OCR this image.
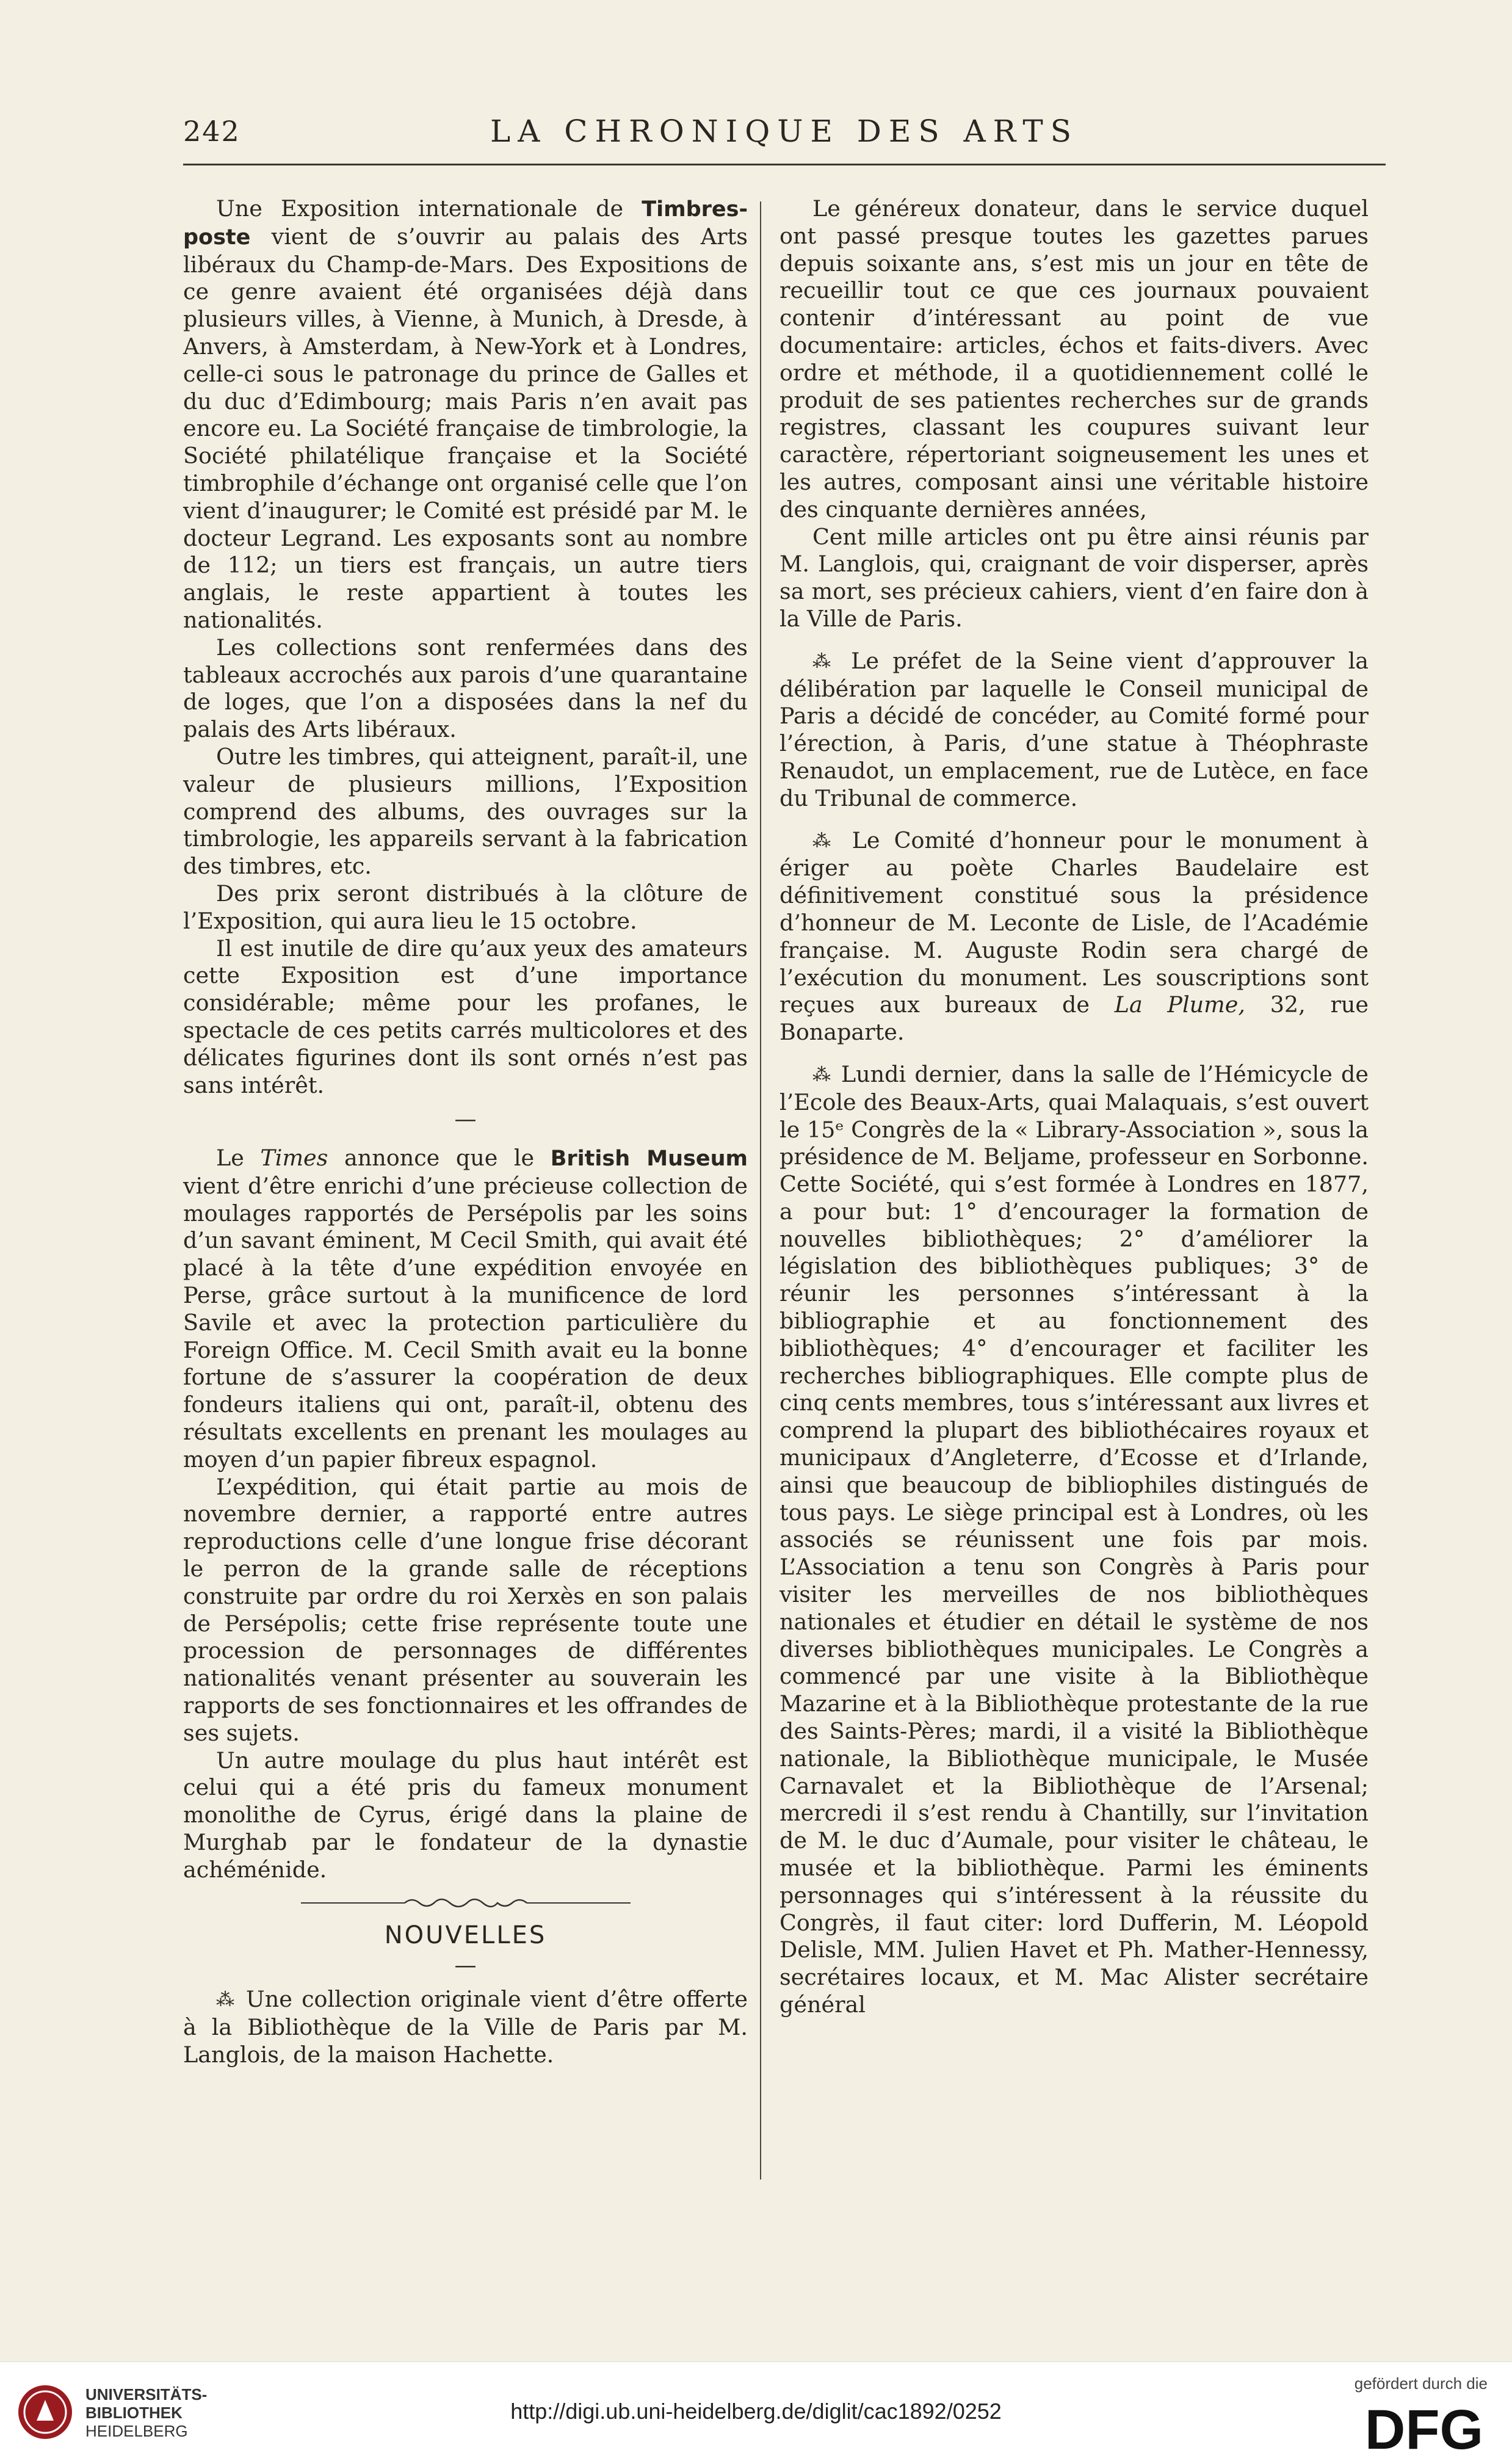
242	LA CHRONIQUE DES ARTS

Une Exposition internationale de Timbres-poste vient de s’ouvrir au palais des Arts libéraux du Champ-de-Mars. Des Expositions de ce genre avaient été organisées déjà dans plusieurs villes, à Vienne, à Munich, à Dresde, à Anvers, à Amsterdam, à New-York et à Londres, celle-ci sous le patronage du prince de Galles et du duc d’Edimbourg; mais Paris n’en avait pas encore eu. La Société française de timbrologie, la Société philatélique française et la Société timbrophile d’échange ont organisé celle que l’on vient d’inaugurer; le Comité est présidé par M. le docteur Legrand. Les exposants sont au nombre de 112; un tiers est français, un autre tiers anglais, le reste appartient à toutes les nationalités.

Les collections sont renfermées dans des tableaux accrochés aux parois d’une quarantaine de loges, que l’on a disposées dans la nef du palais des Arts libéraux.

Outre les timbres, qui atteignent, paraît-il, une valeur de plusieurs millions, l’Exposition comprend des albums, des ouvrages sur la timbrologie, les appareils servant à la fabrication des timbres, etc.

Des prix seront distribués à la clôture de l’Exposition, qui aura lieu le 15 octobre.

Il est inutile de dire qu’aux yeux des amateurs cette Exposition est d’une importance considérable; même pour les profanes, le spectacle de ces petits carrés multicolores et des délicates figurines dont ils sont ornés n’est pas sans intérêt.

—

Le Times annonce que le British Museum vient d’être enrichi d’une précieuse collection de moulages rapportés de Persépolis par les soins d’un savant éminent, M Cecil Smith, qui avait été placé à la tête d’une expédition envoyée en Perse, grâce surtout à la munificence de lord Savile et avec la protection particulière du Foreign Office. M. Cecil Smith avait eu la bonne fortune de s’assurer la coopération de deux fondeurs italiens qui ont, paraît-il, obtenu des résultats excellents en prenant les moulages au moyen d’un papier fibreux espagnol.

L’expédition, qui était partie au mois de novembre dernier, a rapporté entre autres reproductions celle d’une longue frise décorant le perron de la grande salle de réceptions construite par ordre du roi Xerxès en son palais de Persépolis; cette frise représente toute une procession de personnages de différentes nationalités venant présenter au souverain les rapports de ses fonctionnaires et les offrandes de ses sujets.

Un autre moulage du plus haut intérêt est celui qui a été pris du fameux monument monolithe de Cyrus, érigé dans la plaine de Murghab par le fondateur de la dynastie achéménide.

NOUVELLES
—

⁂ Une collection originale vient d’être offerte à la Bibliothèque de la Ville de Paris par M. Langlois, de la maison Hachette.

Le généreux donateur, dans le service duquel ont passé presque toutes les gazettes parues depuis soixante ans, s’est mis un jour en tête de recueillir tout ce que ces journaux pouvaient contenir d’intéressant au point de vue documentaire: articles, échos et faits-divers. Avec ordre et méthode, il a quotidiennement collé le produit de ses patientes recherches sur de grands registres, classant les coupures suivant leur caractère, répertoriant soigneusement les unes et les autres, composant ainsi une véritable histoire des cinquante dernières années,

Cent mille articles ont pu être ainsi réunis par M. Langlois, qui, craignant de voir disperser, après sa mort, ses précieux cahiers, vient d’en faire don à la Ville de Paris.

⁂ Le préfet de la Seine vient d’approuver la délibération par laquelle le Conseil municipal de Paris a décidé de concéder, au Comité formé pour l’érection, à Paris, d’une statue à Théophraste Renaudot, un emplacement, rue de Lutèce, en face du Tribunal de commerce.

⁂ Le Comité d’honneur pour le monument à ériger au poète Charles Baudelaire est définitivement constitué sous la présidence d’honneur de M. Leconte de Lisle, de l’Académie française. M. Auguste Rodin sera chargé de l’exécution du monument. Les souscriptions sont reçues aux bureaux de La Plume, 32, rue Bonaparte.

⁂ Lundi dernier, dans la salle de l’Hémicycle de l’Ecole des Beaux-Arts, quai Malaquais, s’est ouvert le 15ᵉ Congrès de la « Library-Association », sous la présidence de M. Beljame, professeur en Sorbonne. Cette Société, qui s’est formée à Londres en 1877, a pour but: 1° d’encourager la formation de nouvelles bibliothèques; 2° d’améliorer la législation des bibliothèques publiques; 3° de réunir les personnes s’intéressant à la bibliographie et au fonctionnement des bibliothèques; 4° d’encourager et faciliter les recherches bibliographiques. Elle compte plus de cinq cents membres, tous s’intéressant aux livres et comprend la plupart des bibliothécaires royaux et municipaux d’Angleterre, d’Ecosse et d’Irlande, ainsi que beaucoup de bibliophiles distingués de tous pays. Le siège principal est à Londres, où les associés se réunissent une fois par mois. L’Association a tenu son Congrès à Paris pour visiter les merveilles de nos bibliothèques nationales et étudier en détail le système de nos diverses bibliothèques municipales. Le Congrès a commencé par une visite à la Bibliothèque Mazarine et à la Bibliothèque protestante de la rue des Saints-Pères; mardi, il a visité la Bibliothèque nationale, la Bibliothèque municipale, le Musée Carnavalet et la Bibliothèque de l’Arsenal; mercredi il s’est rendu à Chantilly, sur l’invitation de M. le duc d’Aumale, pour visiter le château, le musée et la bibliothèque. Parmi les éminents personnages qui s’intéressent à la réussite du Congrès, il faut citer: lord Dufferin, M. Léopold Delisle, MM. Julien Havet et Ph. Mather-Hennessy, secrétaires locaux, et M. Mac Alister secrétaire général

UNIVERSITÄTS-
BIBLIOTHEK
HEIDELBERG
http://digi.ub.uni-heidelberg.de/diglit/cac1892/0252
gefördert durch die
DFG
